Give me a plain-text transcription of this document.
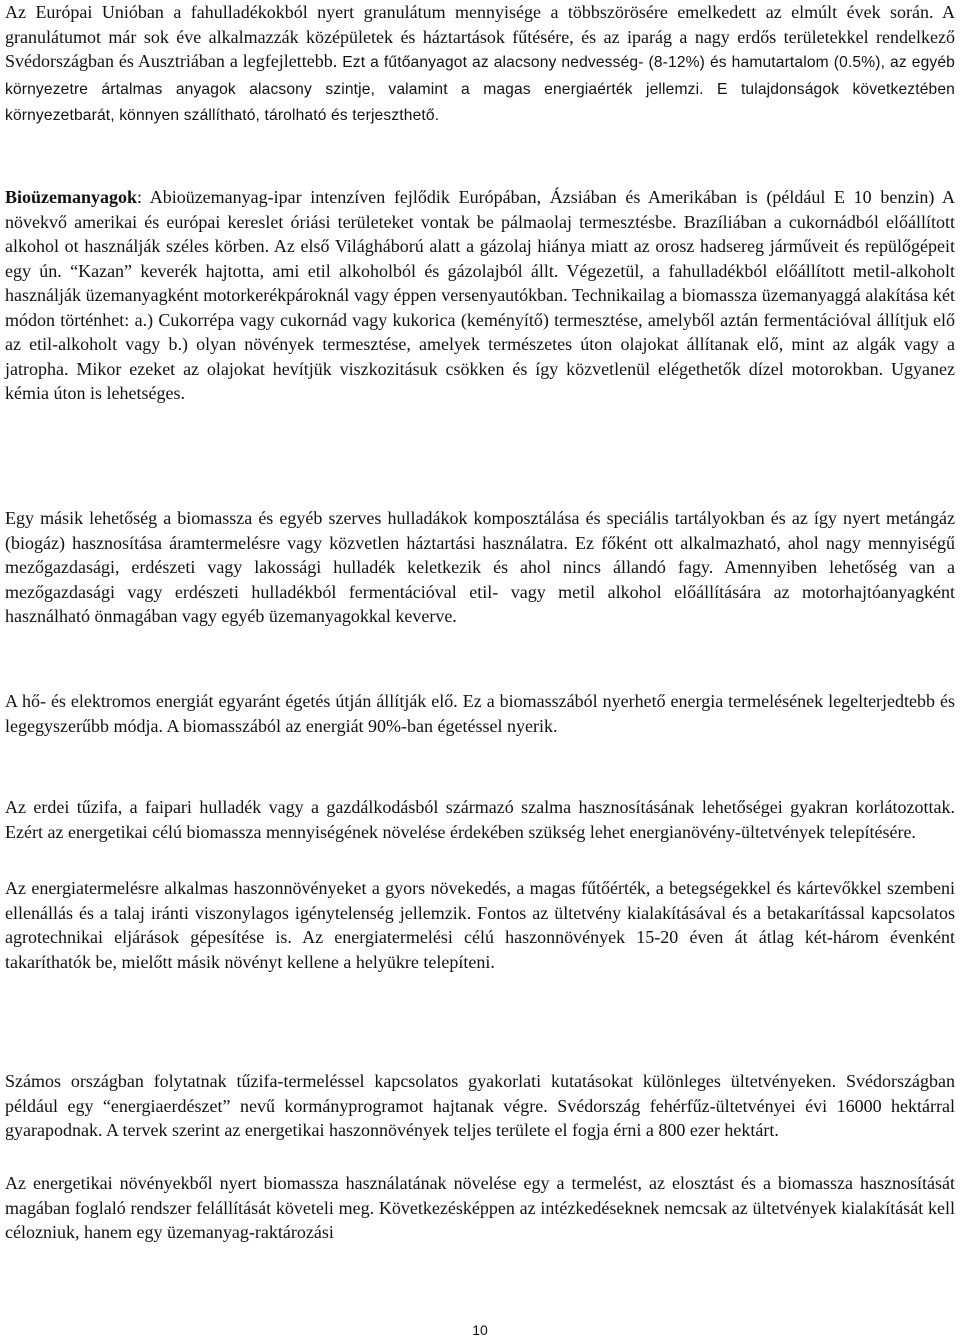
Az Európai Unióban a fahulladékokból nyert granulátum mennyisége a többszörösére emelkedett az elmúlt évek során. A granulátumot már sok éve alkalmazzák középületek és háztartások fűtésére, és az iparág a nagy erdős területekkel rendelkező Svédországban és Ausztriában a legfejlettebb. Ezt a fűtőanyagot az alacsony nedvesség- (8-12%) és hamutartalom (0.5%), az egyéb környezetre ártalmas anyagok alacsony szintje, valamint a magas energiaérték jellemzi. E tulajdonságok következtében környezetbarát, könnyen szállítható, tárolható és terjeszthető.

Bioüzemanyagok: Abioüzemanyag-ipar intenzíven fejlődik Európában, Ázsiában és Amerikában is (például E 10 benzin) A növekvő amerikai és európai kereslet óriási területeket vontak be pálmaolaj termesztésbe. Brazíliában a cukornádból előállított alkohol ot használják széles körben. Az első Világháború alatt a gázolaj hiánya miatt az orosz hadsereg járműveit és repülőgépeit egy ún. “Kazan” keverék hajtotta, ami etil alkoholból és gázolajból állt. Végezetül, a fahulladékból előállított metil-alkoholt használják üzemanyagként motorkerékpároknál vagy éppen versenyautókban. Technikailag a biomassza üzemanyaggá alakítása két módon történhet: a.) Cukorrépa vagy cukornád vagy kukorica (keményítő) termesztése, amelyből aztán fermentációval állítjuk elő az etil-alkoholt vagy b.) olyan növények termesztése, amelyek természetes úton olajokat állítanak elő, mint az algák vagy a jatropha. Mikor ezeket az olajokat hevítjük viszkozitásuk csökken és így közvetlenül elégethetők dízel motorokban. Ugyanez kémia úton is lehetséges.

Egy másik lehetőség a biomassza és egyéb szerves hulladákok komposztálása és speciális tartályokban és az így nyert metángáz (biogáz) hasznosítása áramtermelésre vagy közvetlen háztartási használatra. Ez főként ott alkalmazható, ahol nagy mennyiségű mezőgazdasági, erdészeti vagy lakossági hulladék keletkezik és ahol nincs állandó fagy. Amennyiben lehetőség van a mezőgazdasági vagy erdészeti hulladékból fermentációval etil- vagy metil alkohol előállítására az motorhajtóanyagként használható önmagában vagy egyéb üzemanyagokkal keverve.

A hő- és elektromos energiát egyaránt égetés útján állítják elő. Ez a biomasszából nyerhető energia termelésének legelterjedtebb és legegyszerűbb módja. A biomasszából az energiát 90%-ban égetéssel nyerik.

Az erdei tűzifa, a faipari hulladék vagy a gazdálkodásból származó szalma hasznosításának lehetőségei gyakran korlátozottak. Ezért az energetikai célú biomassza mennyiségének növelése érdekében szükség lehet energianövény-ültetvények telepítésére.

Az energiatermelésre alkalmas haszonnövényeket a gyors növekedés, a magas fűtőérték, a betegségekkel és kártevőkkel szembeni ellenállás és a talaj iránti viszonylagos igénytelenség jellemzik. Fontos az ültetvény kialakításával és a betakarítással kapcsolatos agrotechnikai eljárások gépesítése is. Az energiatermelési célú haszonnövények 15-20 éven át átlag két-három évenként takaríthatók be, mielőtt másik növényt kellene a helyükre telepíteni.

Számos országban folytatnak tűzifa-termeléssel kapcsolatos gyakorlati kutatásokat különleges ültetvényeken. Svédországban például egy “energiaerdészet” nevű kormányprogramot hajtanak végre. Svédország fehérfűz-ültetvényei évi 16000 hektárral gyarapodnak. A tervek szerint az energetikai haszonnövények teljes területe el fogja érni a 800 ezer hektárt.

Az energetikai növényekből nyert biomassza használatának növelése egy a termelést, az elosztást és a biomassza hasznosítását magában foglaló rendszer felállítását követeli meg. Következésképpen az intézkedéseknek nemcsak az ültetvények kialakítását kell célozniuk, hanem egy üzemanyag-raktározási

10
